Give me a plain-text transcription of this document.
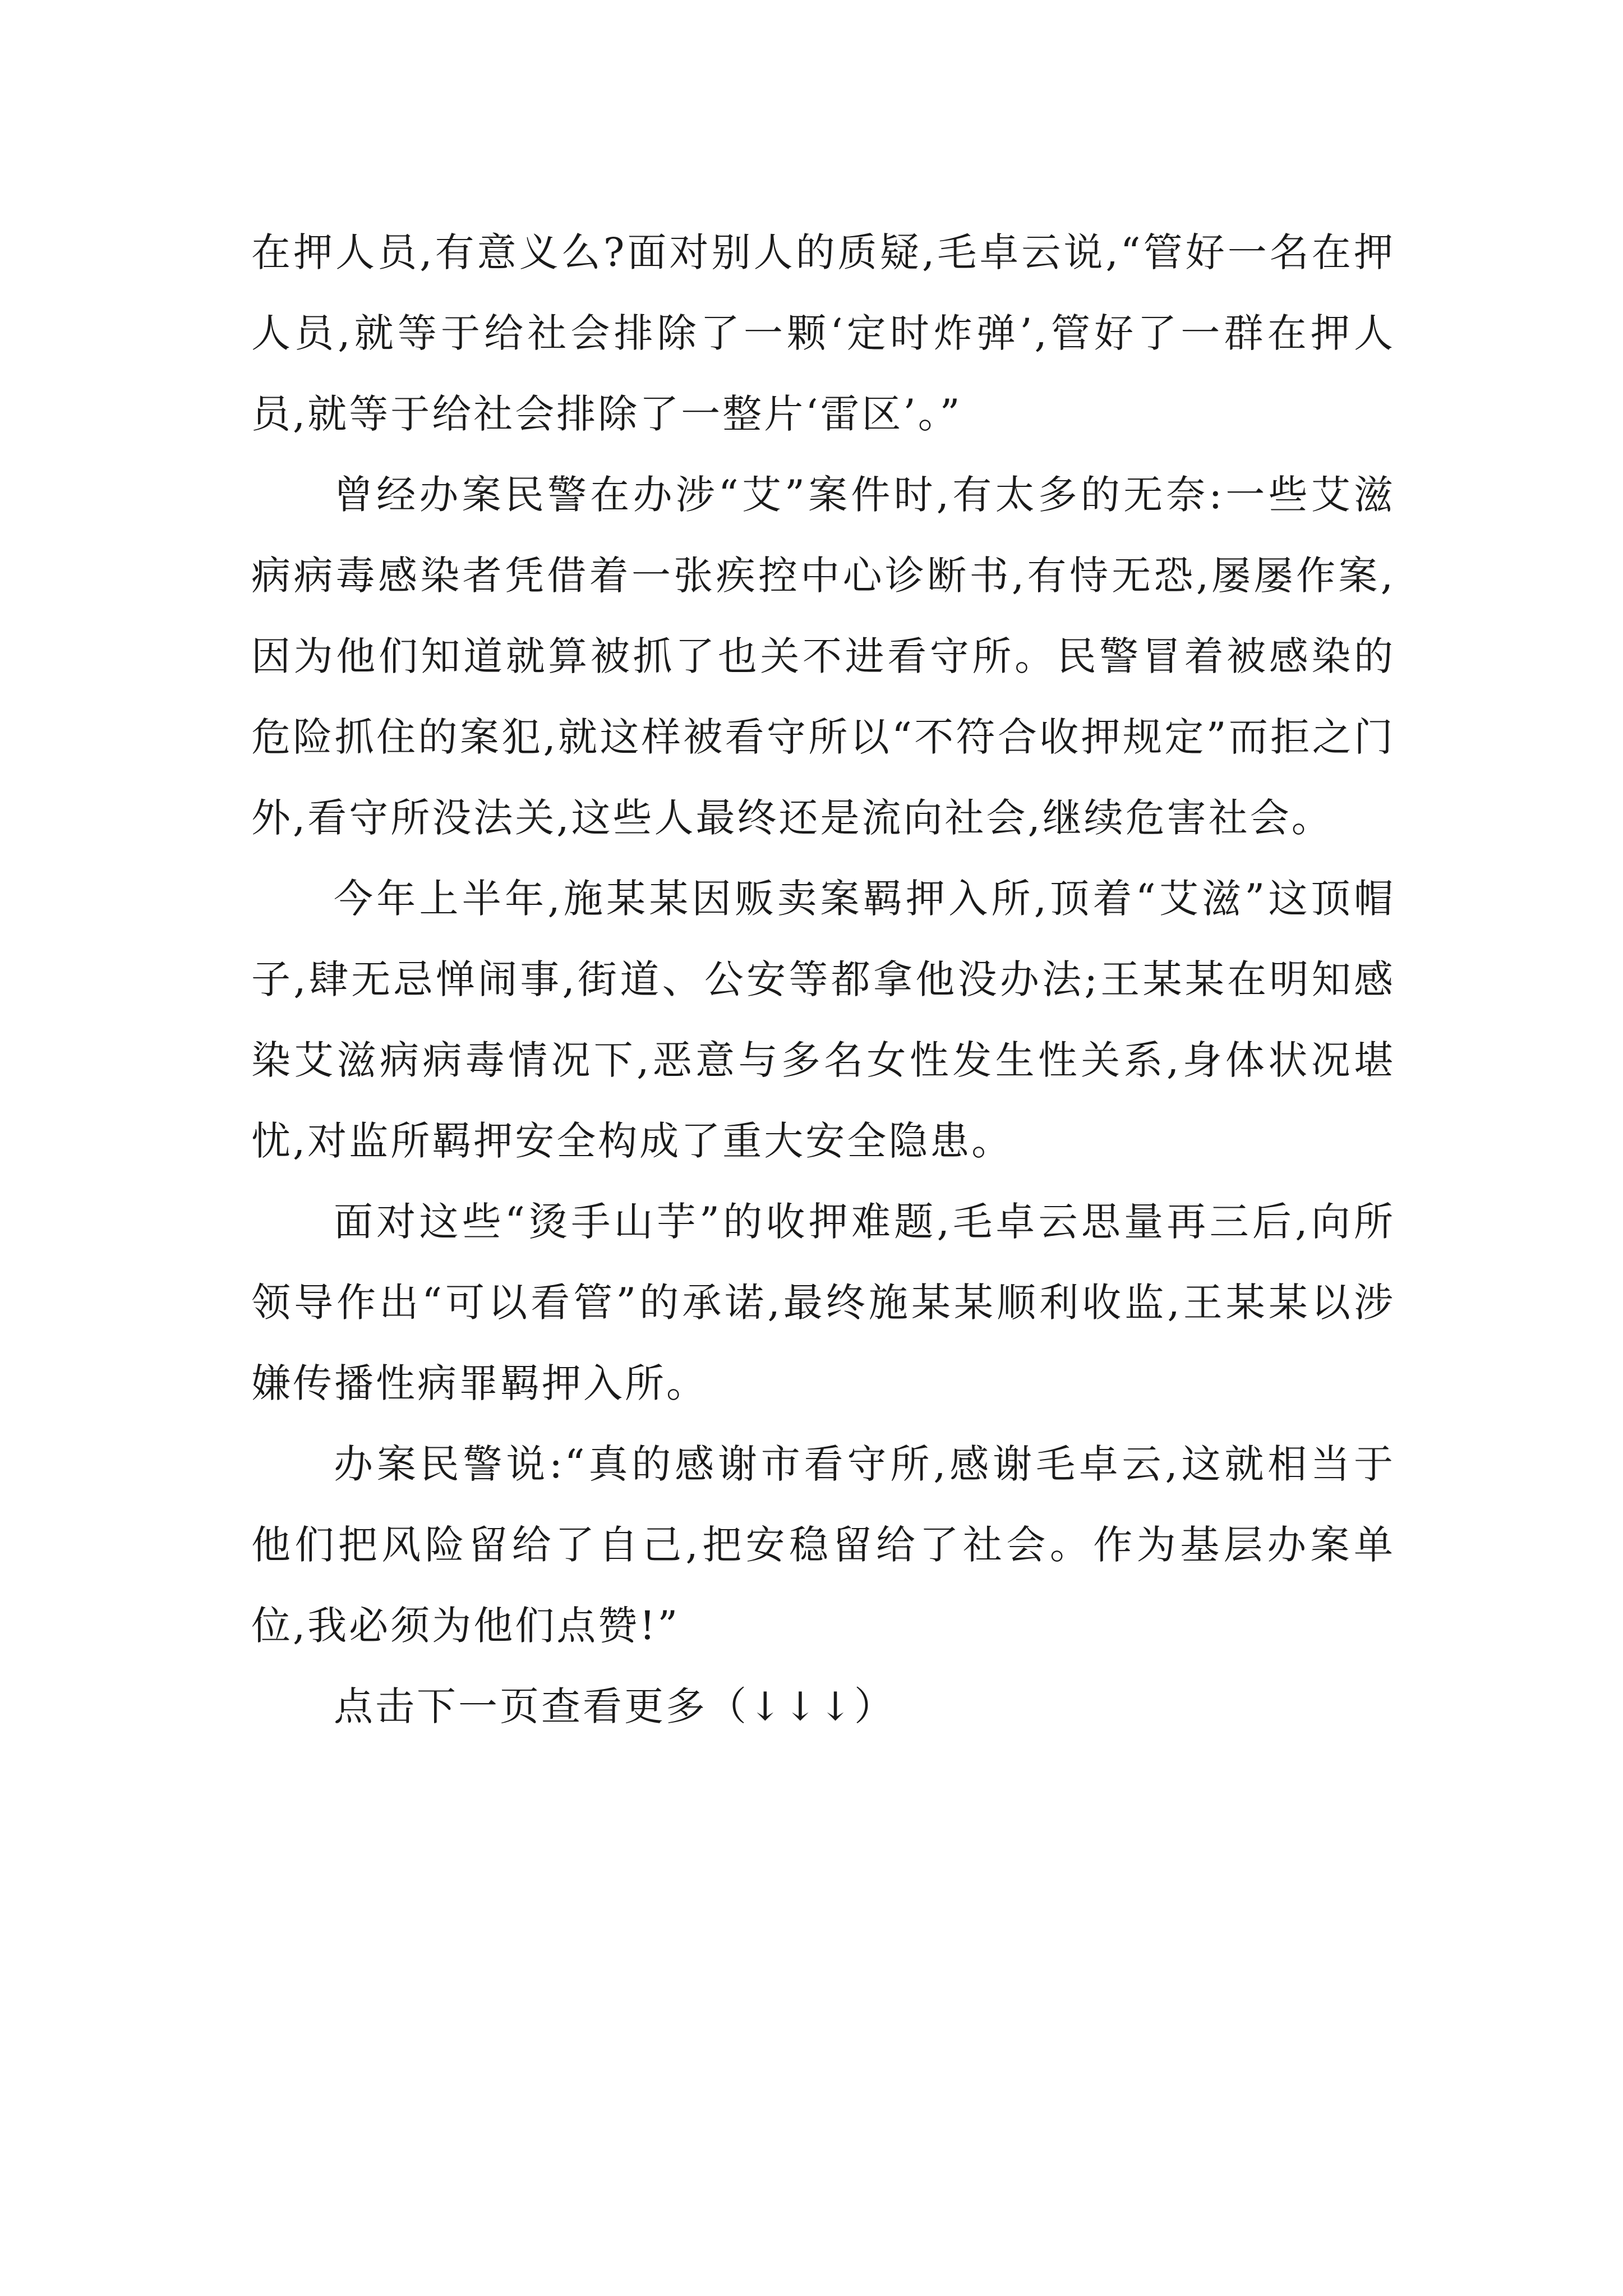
在押人员,有意义么?面对别人的质疑,毛卓云说,“管好一名在押人员,就等于给社会排除了一颗‘定时炸弹’,管好了一群在押人员,就等于给社会排除了一整片‘雷区’。”

曾经办案民警在办涉“艾”案件时,有太多的无奈:一些艾滋病病毒感染者凭借着一张疾控中心诊断书,有恃无恐,屡屡作案,因为他们知道就算被抓了也关不进看守所。民警冒着被感染的危险抓住的案犯,就这样被看守所以“不符合收押规定”而拒之门外,看守所没法关,这些人最终还是流向社会,继续危害社会。

今年上半年,施某某因贩卖案羁押入所,顶着“艾滋”这顶帽子,肆无忌惮闹事,街道、公安等都拿他没办法;王某某在明知感染艾滋病病毒情况下,恶意与多名女性发生性关系,身体状况堪忧,对监所羁押安全构成了重大安全隐患。

面对这些“烫手山芋”的收押难题,毛卓云思量再三后,向所领导作出“可以看管”的承诺,最终施某某顺利收监,王某某以涉嫌传播性病罪羁押入所。

办案民警说:“真的感谢市看守所,感谢毛卓云,这就相当于他们把风险留给了自己,把安稳留给了社会。作为基层办案单位,我必须为他们点赞!”

点击下一页查看更多（↓↓↓）
